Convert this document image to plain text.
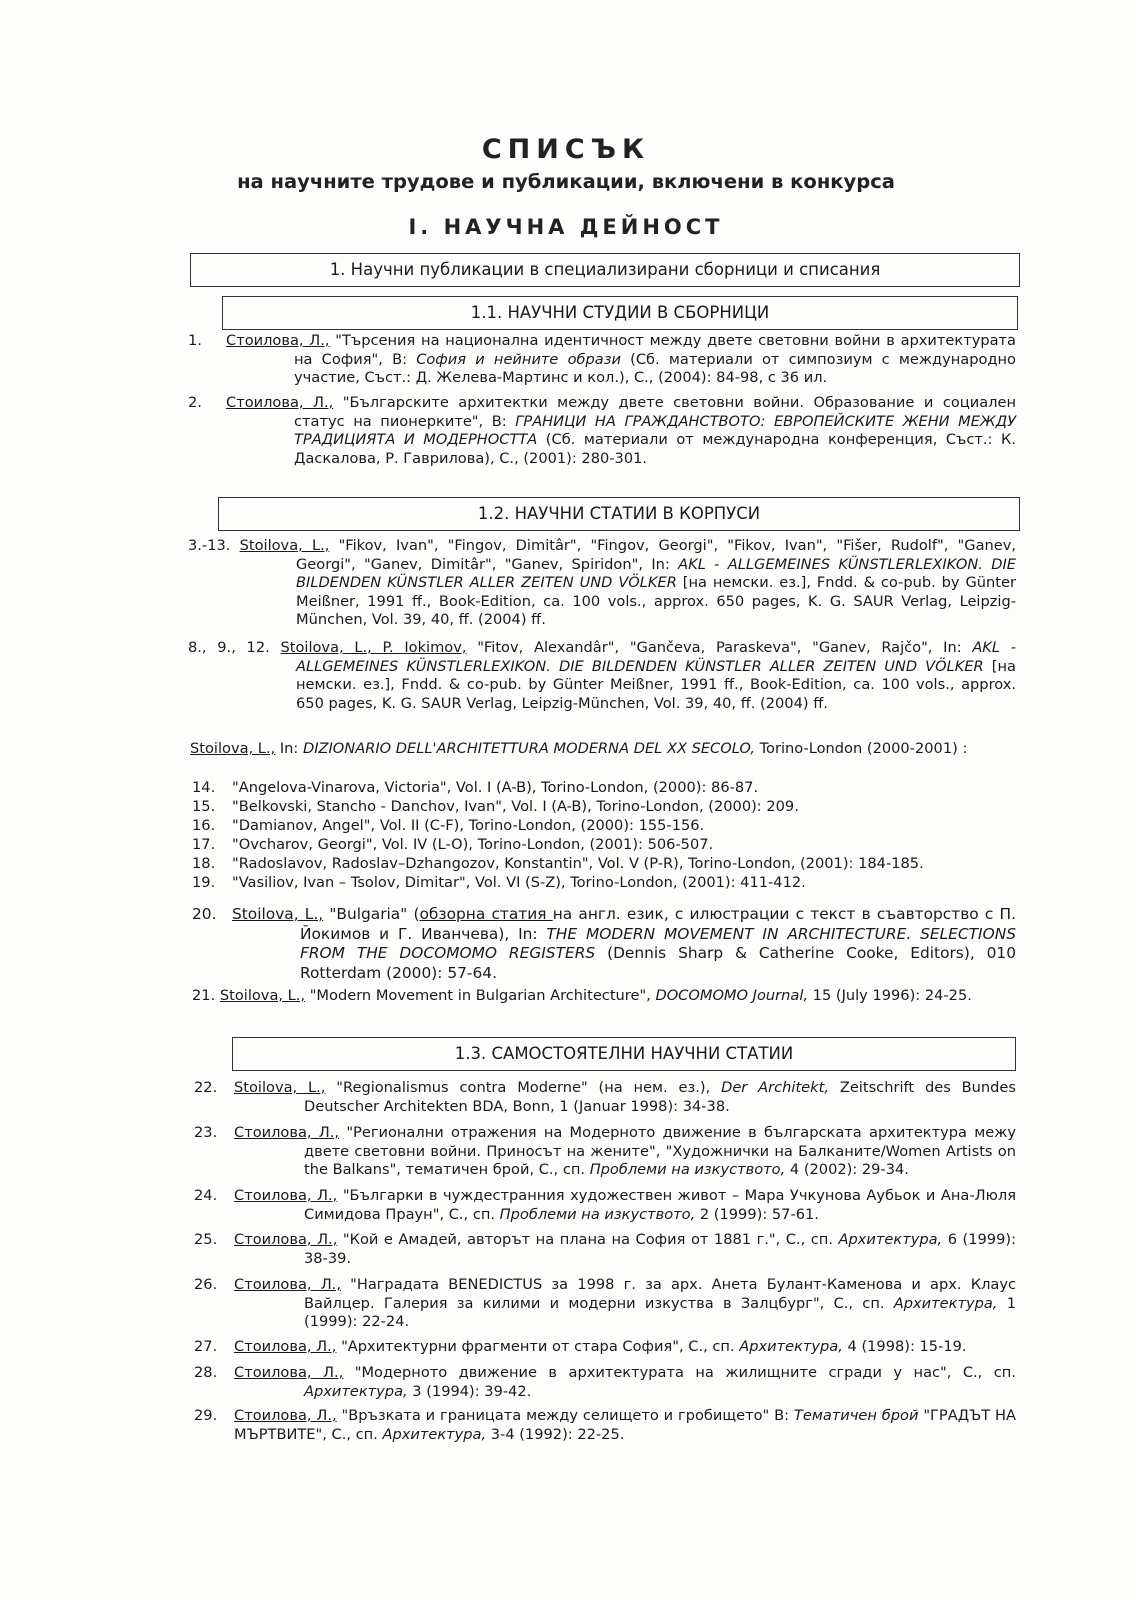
СПИСЪК
на научните трудове и публикации, включени в конкурса
I. НАУЧНА ДЕЙНОСТ
1. Научни публикации в специализирани сборници и списания
1.1. НАУЧНИ СТУДИИ В СБОРНИЦИ
1.	Стоилова, Л., "Търсения на национална идентичност между двете световни войни в архитектурата на София", В: София и нейните образи (Сб. материали от симпозиум с международно участие, Съст.: Д. Желева-Мартинс и кол.), С., (2004): 84-98, с 36 ил.
2.	Стоилова, Л., "Българските архитектки между двете световни войни. Образование и социален статус на пионерките", В: ГРАНИЦИ НА ГРАЖДАНСТВОТО: ЕВРОПЕЙСКИТЕ ЖЕНИ МЕЖДУ ТРАДИЦИЯТА И МОДЕРНОСТТА (Сб. материали от международна конференция, Съст.: К. Даскалова, Р. Гаврилова), С., (2001): 280-301.
1.2. НАУЧНИ СТАТИИ В КОРПУСИ
3.-13. Stoilova, L., "Fikov, Ivan", "Fingov, Dimitâr", "Fingov, Georgi", "Fikov, Ivan", "Fišer, Rudolf", "Ganev, Georgi", "Ganev, Dimitâr", "Ganev, Spiridon", In: AKL - ALLGEMEINES KÜNSTLERLEXIKON. DIE BILDENDEN KÜNSTLER ALLER ZEITEN UND VÖLKER [на немски. ез.], Fndd. & co-pub. by Günter Meißner, 1991 ff., Book-Edition, ca. 100 vols., approx. 650 pages, K. G. SAUR Verlag, Leipzig-München, Vol. 39, 40, ff. (2004) ff.
8., 9., 12. Stoilova, L., P. Iokimov, "Fitov, Alexandâr", "Gančeva, Paraskeva", "Ganev, Rajčo", In: AKL - ALLGEMEINES KÜNSTLERLEXIKON. DIE BILDENDEN KÜNSTLER ALLER ZEITEN UND VÖLKER [на немски. ез.], Fndd. & co-pub. by Günter Meißner, 1991 ff., Book-Edition, ca. 100 vols., approx. 650 pages, K. G. SAUR Verlag, Leipzig-München, Vol. 39, 40, ff. (2004) ff.
Stoilova, L., In: DIZIONARIO DELL'ARCHITETTURA MODERNA DEL XX SECOLO, Torino-London (2000-2001) :
14. "Angelova-Vinarova, Victoria", Vol. I (A-B), Torino-London, (2000): 86-87.
15. "Belkovski, Stancho - Danchov, Ivan", Vol. I (A-B), Torino-London, (2000): 209.
16. "Damianov, Angel", Vol. II (C-F), Torino-London, (2000): 155-156.
17. "Ovcharov, Georgi", Vol. IV (L-O), Torino-London, (2001): 506-507.
18. "Radoslavov, Radoslav–Dzhangozov, Konstantin", Vol. V (P-R), Torino-London, (2001): 184-185.
19. "Vasiliov, Ivan – Tsolov, Dimitar", Vol. VI (S-Z), Torino-London, (2001): 411-412.
20.	Stoilova, L., "Bulgaria" (обзорна статия на англ. език, с илюстрации с текст в съавторство с П. Йокимов и Г. Иванчева), In: THE MODERN MOVEMENT IN ARCHITECTURE. SELECTIONS FROM THE DOCOMOMO REGISTERS (Dennis Sharp & Catherine Cooke, Editors), 010 Rotterdam (2000): 57-64.
21. Stoilova, L., "Modern Movement in Bulgarian Architecture", DOCOMOMO Journal, 15 (July 1996): 24-25.
1.3. САМОСТОЯТЕЛНИ НАУЧНИ СТАТИИ
22.	Stoilova, L., "Regionalismus contra Moderne" (на нем. ез.), Der Architekt, Zeitschrift des Bundes Deutscher Architekten BDA, Bonn, 1 (Januar 1998): 34-38.
23.	Стоилова, Л., "Регионални отражения на Модерното движение в българската архитектура межу двете световни войни. Приносът на жените", "Художнички на Балканите/Women Artists on the Balkans", тематичен брой, С., сп. Проблеми на изкуството, 4 (2002): 29-34.
24.	Стоилова, Л., "Българки в чуждестранния художествен живот – Мара Учкунова Аубьок и Ана-Люля Симидова Праун", С., сп. Проблеми на изкуството, 2 (1999): 57-61.
25.	Стоилова, Л., "Кой е Амадей, авторът на плана на София от 1881 г.", С., сп. Архитектура, 6 (1999): 38-39.
26.	Стоилова, Л., "Наградата BENEDICTUS за 1998 г. за арх. Анета Булант-Каменова и арх. Клаус Вайлцер. Галерия за килими и модерни изкуства в Залцбург", С., сп. Архитектура, 1 (1999): 22-24.
27.	Стоилова, Л., "Архитектурни фрагменти от стара София", С., сп. Архитектура, 4 (1998): 15-19.
28.	Стоилова, Л., "Модерното движение в архитектурата на жилищните сгради у нас", С., сп. Архитектура, 3 (1994): 39-42.
29.	Стоилова, Л., "Връзката и границата между селището и гробището" В: Тематичен брой "ГРАДЪТ НА МЪРТВИТЕ", С., сп. Архитектура, 3-4 (1992): 22-25.
